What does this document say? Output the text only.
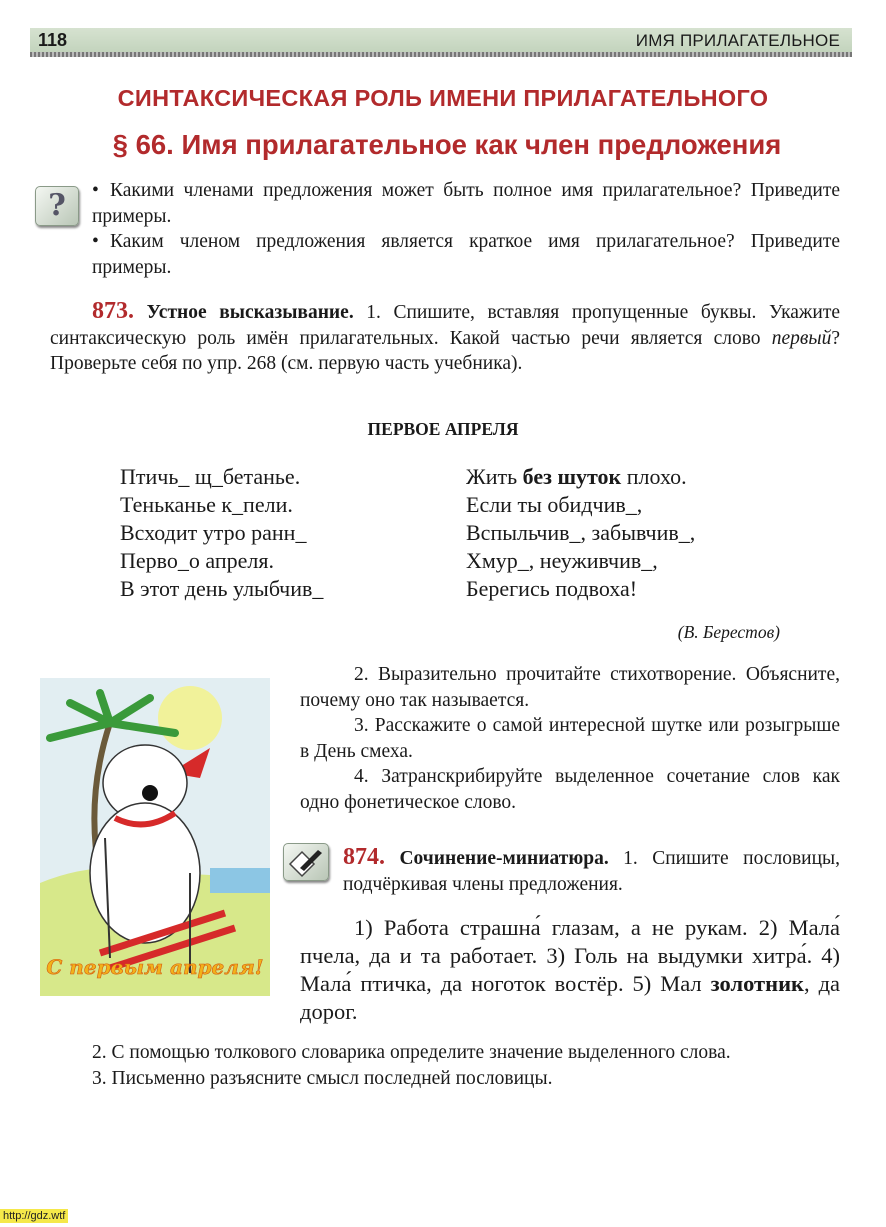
118	ИМЯ ПРИЛАГАТЕЛЬНОЕ
СИНТАКСИЧЕСКАЯ РОЛЬ ИМЕНИ ПРИЛАГАТЕЛЬНОГО
§ 66. Имя прилагательное как член предложения
?	• Какими членами предложения может быть полное имя прилагательное? Приведите примеры.
• Каким членом предложения является краткое имя прилагательное? Приведите примеры.
873. Устное высказывание. 1. Спишите, вставляя пропущенные буквы. Укажите синтаксическую роль имён прилагательных. Какой частью речи является слово первый? Проверьте себя по упр. 268 (см. первую часть учебника).
ПЕРВОЕ АПРЕЛЯ
Птичь_ щ_бетанье.
Теньканье к_пели.
Всходит утро ранн_
Перво_о апреля.
В этот день улыбчив_
Жить без шуток плохо.
Если ты обидчив_,
Вспыльчив_, забывчив_,
Хмур_, неуживчив_,
Берегись подвоха!
(В. Берестов)
С первым апреля!

2. Выразительно прочитайте стихотворение. Объясните, почему оно так называется.

3. Расскажите о самой интересной шутке или розыгрыше в День смеха.

4. Затранскрибируйте выделенное сочетание слов как одно фонетическое слово.

874. Сочинение-миниатюра. 1. Спишите пословицы, подчёркивая члены предложения.
1) Работа страшна́ глазам, а не рукам. 2) Мала́ пчела, да и та работает. 3) Голь на выдумки хитра́. 4) Мала́ птичка, да ноготок востёр. 5) Мал золотник, да дорог.

2. С помощью толкового словарика определите значение выделенного слова.

3. Письменно разъясните смысл последней пословицы.

http://gdz.wtf
